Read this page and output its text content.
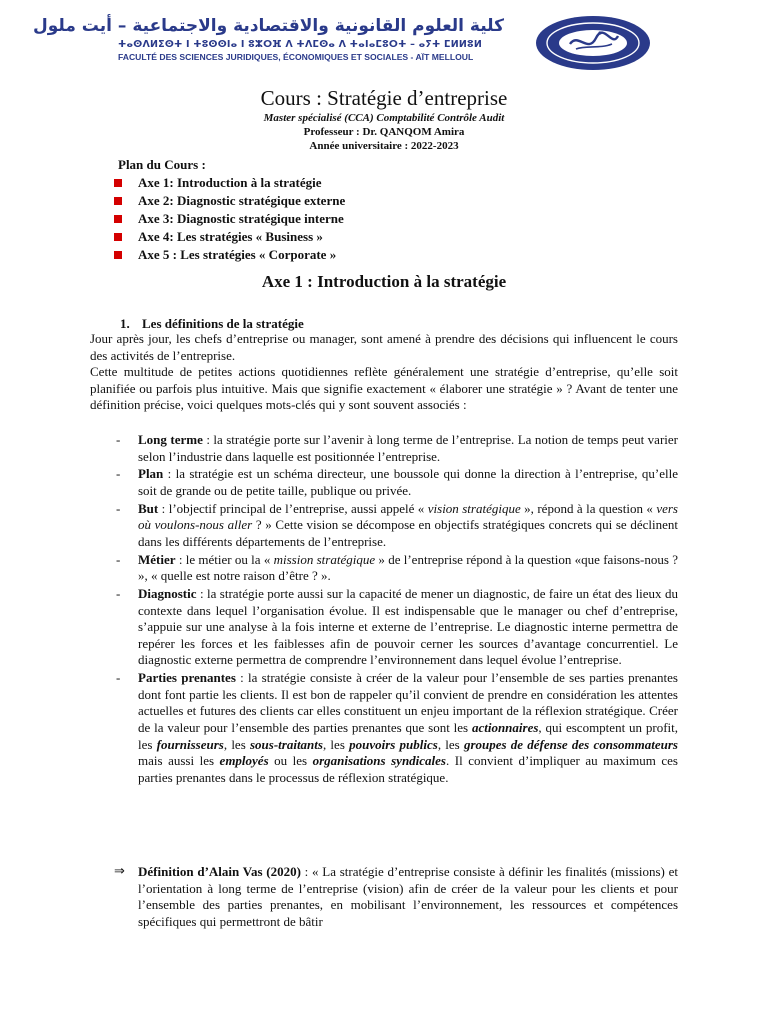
كلية العلوم القانونية والاقتصادية والاجتماعية – أيت ملول
ⵜⴰⵙⴷⵍⵉⵙⵜ ⵏ ⵜⵓⵙⵙⵏⴰ ⵏ ⵓⵣⵔⴼ ⴷ ⵜⴷⵎⵙⴰ ⴷ ⵜⴰⵏⴰⵎⵓⵔⵜ – ⴰⵢⵜ ⵎⵍⵍⵓⵍ
FACULTÉ DES SCIENCES JURIDIQUES, ÉCONOMIQUES ET SOCIALES - AÏT MELLOUL
Cours : Stratégie d’entreprise
Master spécialisé (CCA) Comptabilité Contrôle Audit
Professeur : Dr. QANQOM Amira
Année universitaire : 2022-2023
Plan du Cours :
Axe 1: Introduction à la stratégie
Axe 2: Diagnostic stratégique externe
Axe 3: Diagnostic stratégique interne
Axe 4: Les stratégies « Business »
Axe 5 : Les stratégies « Corporate »
Axe 1 : Introduction à la stratégie
1. Les définitions de la stratégie

Jour après jour, les chefs d’entreprise ou manager, sont amené à prendre des décisions qui influencent le cours des activités de l’entreprise.

Cette multitude de petites actions quotidiennes reflète généralement une stratégie d’entreprise, qu’elle soit planifiée ou parfois plus intuitive. Mais que signifie exactement « élaborer une stratégie » ? Avant de tenter une définition précise, voici quelques mots-clés qui y sont souvent associés :

- Long terme : la stratégie porte sur l’avenir à long terme de l’entreprise. La notion de temps peut varier selon l’industrie dans laquelle est positionnée l’entreprise.
- Plan : la stratégie est un schéma directeur, une boussole qui donne la direction à l’entreprise, qu’elle soit de grande ou de petite taille, publique ou privée.
- But : l’objectif principal de l’entreprise, aussi appelé « vision stratégique », répond à la question « vers où voulons-nous aller ? » Cette vision se décompose en objectifs stratégiques concrets qui se déclinent dans les différents départements de l’entreprise.
- Métier : le métier ou la « mission stratégique » de l’entreprise répond à la question «que faisons-nous ? », « quelle est notre raison d’être ? ».
- Diagnostic : la stratégie porte aussi sur la capacité de mener un diagnostic, de faire un état des lieux du contexte dans lequel l’organisation évolue. Il est indispensable que le manager ou chef d’entreprise, s’appuie sur une analyse à la fois interne et externe de l’entreprise. Le diagnostic interne permettra de repérer les forces et les faiblesses afin de pouvoir cerner les sources d’avantage concurrentiel. Le diagnostic externe permettra de comprendre l’environnement dans lequel évolue l’entreprise.
- Parties prenantes : la stratégie consiste à créer de la valeur pour l’ensemble de ses parties prenantes dont font partie les clients. Il est bon de rappeler qu’il convient de prendre en considération les attentes actuelles et futures des clients car elles constituent un enjeu important de la réflexion stratégique. Créer de la valeur pour l’ensemble des parties prenantes que sont les actionnaires, qui escomptent un profit, les fournisseurs, les sous-traitants, les pouvoirs publics, les groupes de défense des consommateurs mais aussi les employés ou les organisations syndicales. Il convient d’impliquer au maximum ces parties prenantes dans le processus de réflexion stratégique.
⇒	Définition d’Alain Vas (2020) : « La stratégie d’entreprise consiste à définir les finalités (missions) et l’orientation à long terme de l’entreprise (vision) afin de créer de la valeur pour les clients et pour l’ensemble des parties prenantes, en mobilisant l’environnement, les ressources et compétences spécifiques qui permettront de bâtir
